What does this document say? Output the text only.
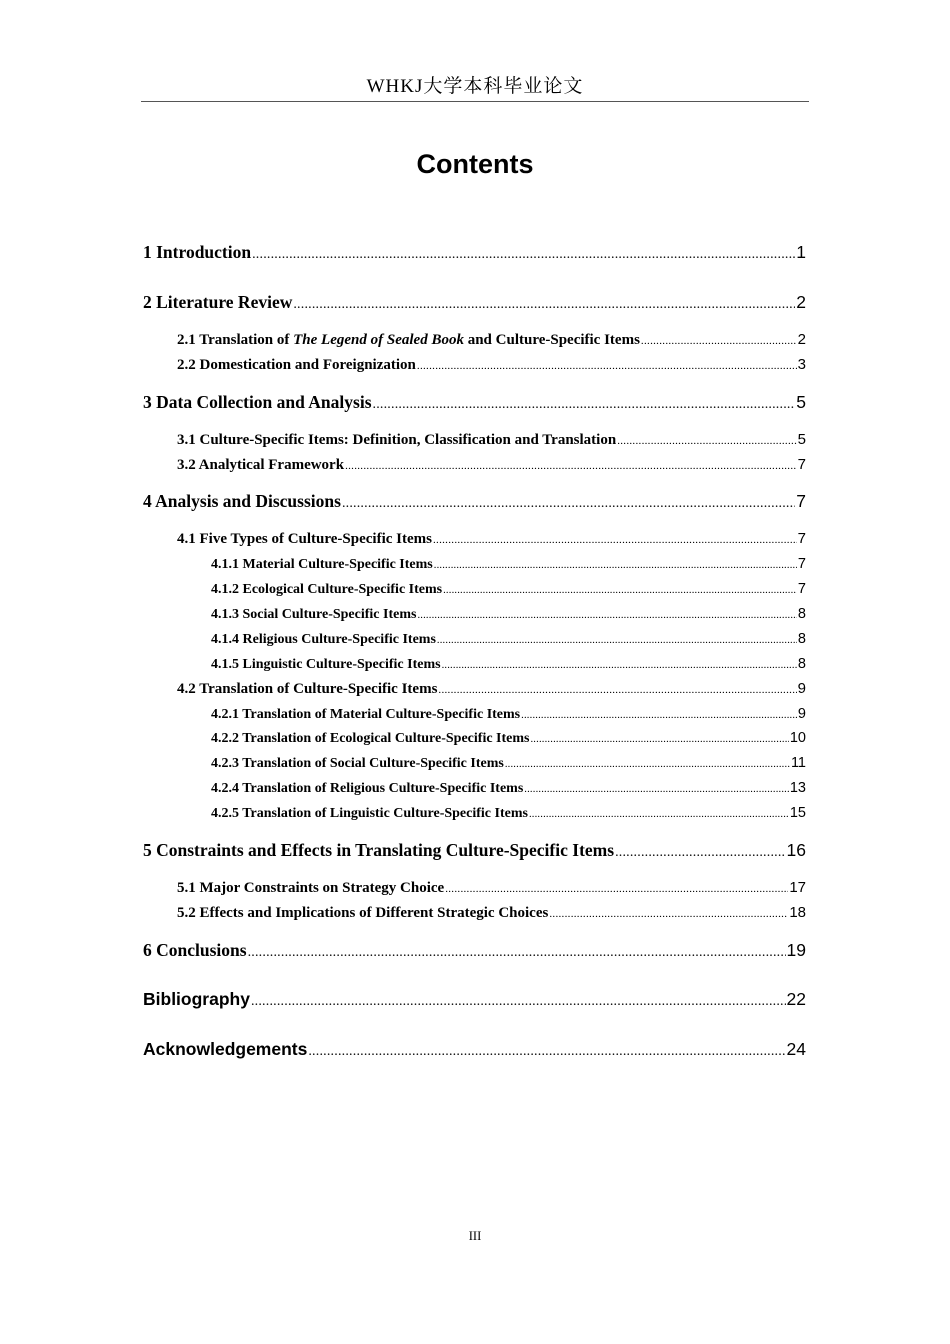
WHKJ大学本科毕业论文
Contents
1 Introduction .....	1
2 Literature Review .....	2
2.1 Translation of The Legend of Sealed Book and Culture-Specific Items .....	2
2.2 Domestication and Foreignization .....	3
3 Data Collection and Analysis .....	5
3.1 Culture-Specific Items: Definition, Classification and Translation .....	5
3.2 Analytical Framework .....	7
4 Analysis and Discussions .....	7
4.1 Five Types of Culture-Specific Items .....	7
4.1.1 Material Culture-Specific Items .....	7
4.1.2 Ecological Culture-Specific Items .....	7
4.1.3 Social Culture-Specific Items .....	8
4.1.4 Religious Culture-Specific Items .....	8
4.1.5 Linguistic Culture-Specific Items .....	8
4.2 Translation of Culture-Specific Items .....	9
4.2.1 Translation of Material Culture-Specific Items .....	9
4.2.2 Translation of Ecological Culture-Specific Items .....	10
4.2.3 Translation of Social Culture-Specific Items .....	11
4.2.4 Translation of Religious Culture-Specific Items .....	13
4.2.5 Translation of Linguistic Culture-Specific Items .....	15
5 Constraints and Effects in Translating Culture-Specific Items .....	16
5.1 Major Constraints on Strategy Choice .....	17
5.2 Effects and Implications of Different Strategic Choices .....	18
6 Conclusions .....	19
Bibliography .....	22
Acknowledgements .....	24
III
